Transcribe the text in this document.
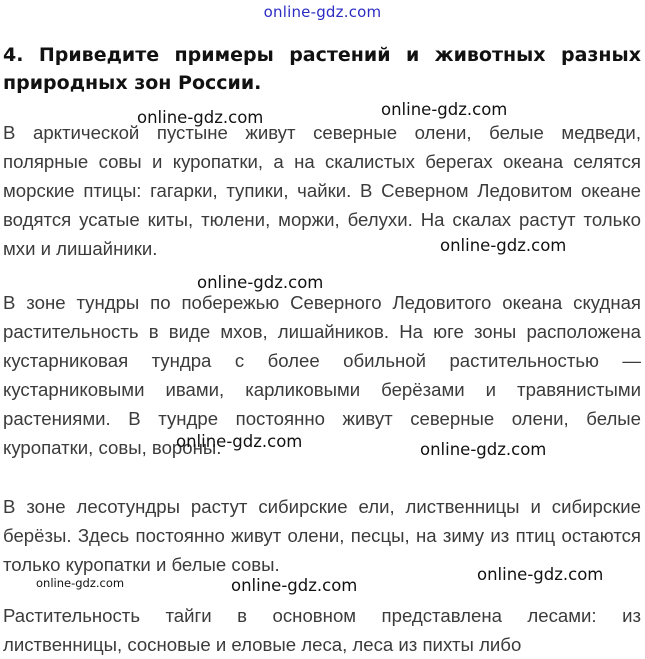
online-gdz.com
4. Приведите примеры растений и животных разных природных зон России.

В арктической пустыне живут северные олени, белые медведи, полярные совы и куропатки, а на скалистых берегах океана селятся морские птицы: гагарки, тупики, чайки. В Северном Ледовитом океане водятся усатые киты, тюлени, моржи, белухи. На скалах растут только мхи и лишайники.

В зоне тундры по побережью Северного Ледовитого океана скудная растительность в виде мхов, лишайников. На юге зоны расположена кустарниковая тундра с более обильной растительностью — кустарниковыми ивами, карликовыми берёзами и травянистыми растениями. В тундре постоянно живут северные олени, белые куропатки, совы, вороны.

В зоне лесотундры растут сибирские ели, лиственницы и сибирские берёзы. Здесь постоянно живут олени, песцы, на зиму из птиц остаются только куропатки и белые совы.

Растительность тайги в основном представлена лесами: из лиственницы, сосновые и еловые леса, леса из пихты либо

online-gdz.com	online-gdz.com
online-gdz.com
online-gdz.com
online-gdz.com	online-gdz.com
online-gdz.com
online-gdz.com
online-gdz.com
